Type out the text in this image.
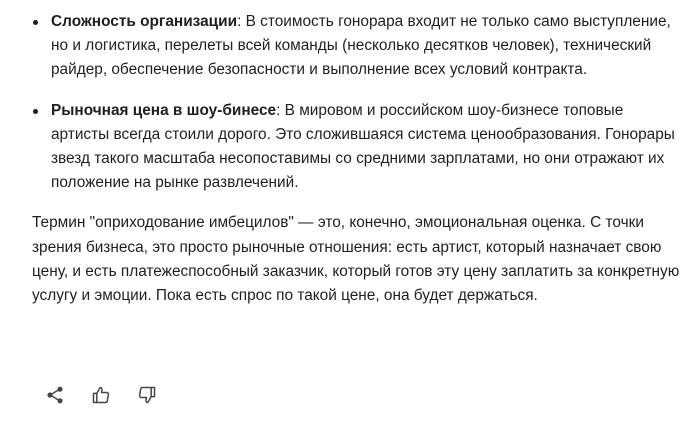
Сложность организации: В стоимость гонорара входит не только само выступление, но и логистика, перелеты всей команды (несколько десятков человек), технический райдер, обеспечение безопасности и выполнение всех условий контракта.
Рыночная цена в шоу-бинесе: В мировом и российском шоу-бизнесе топовые артисты всегда стоили дорого. Это сложившаяся система ценообразования. Гонорары звезд такого масштаба несопоставимы со средними зарплатами, но они отражают их положение на рынке развлечений.

Термин "оприходование имбецилов" — это, конечно, эмоциональная оценка. С точки зрения бизнеса, это просто рыночные отношения: есть артист, который назначает свою цену, и есть платежеспособный заказчик, который готов эту цену заплатить за конкретную услугу и эмоции. Пока есть спрос по такой цене, она будет держаться.
